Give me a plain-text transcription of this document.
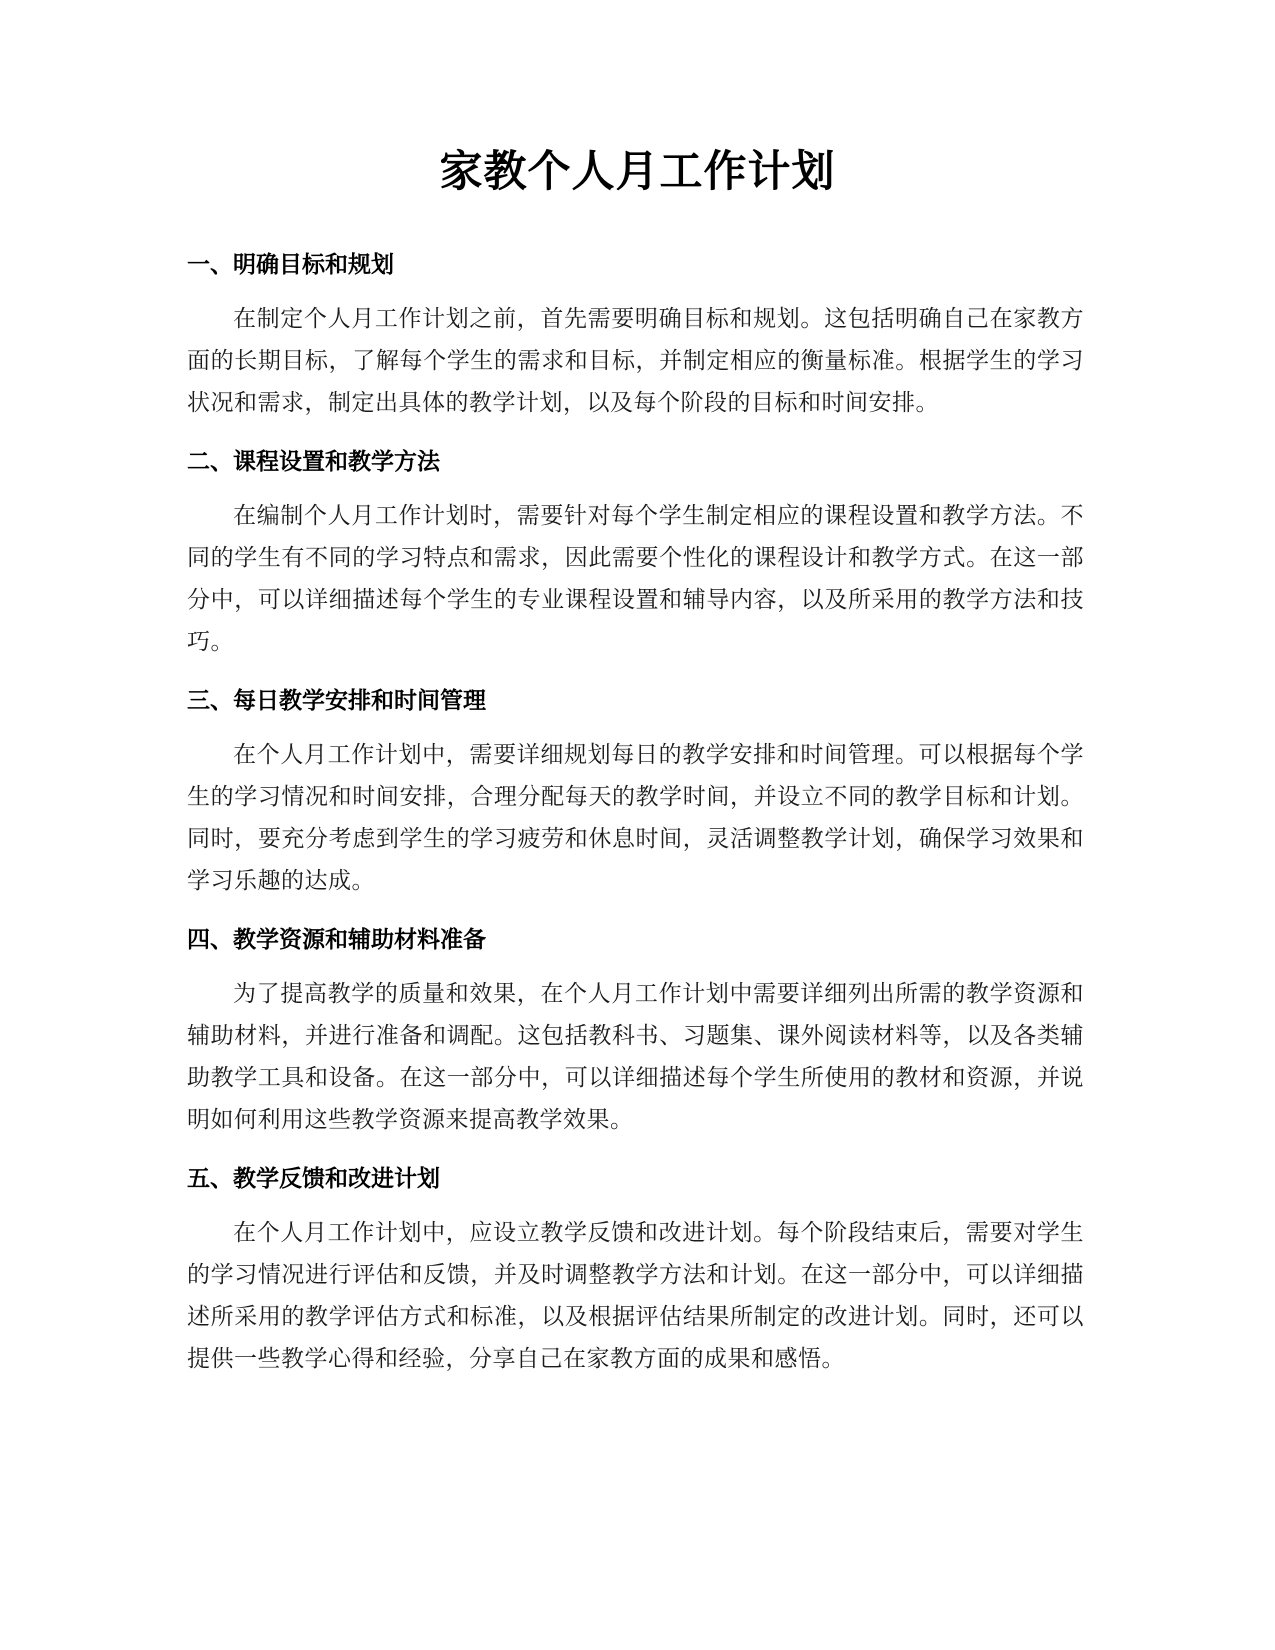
家教个人月工作计划
一、明确目标和规划

在制定个人月工作计划之前，首先需要明确目标和规划。这包括明确自己在家教方面的长期目标，了解每个学生的需求和目标，并制定相应的衡量标准。根据学生的学习状况和需求，制定出具体的教学计划，以及每个阶段的目标和时间安排。

二、课程设置和教学方法

在编制个人月工作计划时，需要针对每个学生制定相应的课程设置和教学方法。不同的学生有不同的学习特点和需求，因此需要个性化的课程设计和教学方式。在这一部分中，可以详细描述每个学生的专业课程设置和辅导内容，以及所采用的教学方法和技巧。

三、每日教学安排和时间管理

在个人月工作计划中，需要详细规划每日的教学安排和时间管理。可以根据每个学生的学习情况和时间安排，合理分配每天的教学时间，并设立不同的教学目标和计划。同时，要充分考虑到学生的学习疲劳和休息时间，灵活调整教学计划，确保学习效果和学习乐趣的达成。

四、教学资源和辅助材料准备

为了提高教学的质量和效果，在个人月工作计划中需要详细列出所需的教学资源和辅助材料，并进行准备和调配。这包括教科书、习题集、课外阅读材料等，以及各类辅助教学工具和设备。在这一部分中，可以详细描述每个学生所使用的教材和资源，并说明如何利用这些教学资源来提高教学效果。

五、教学反馈和改进计划

在个人月工作计划中，应设立教学反馈和改进计划。每个阶段结束后，需要对学生的学习情况进行评估和反馈，并及时调整教学方法和计划。在这一部分中，可以详细描述所采用的教学评估方式和标准，以及根据评估结果所制定的改进计划。同时，还可以提供一些教学心得和经验，分享自己在家教方面的成果和感悟。
